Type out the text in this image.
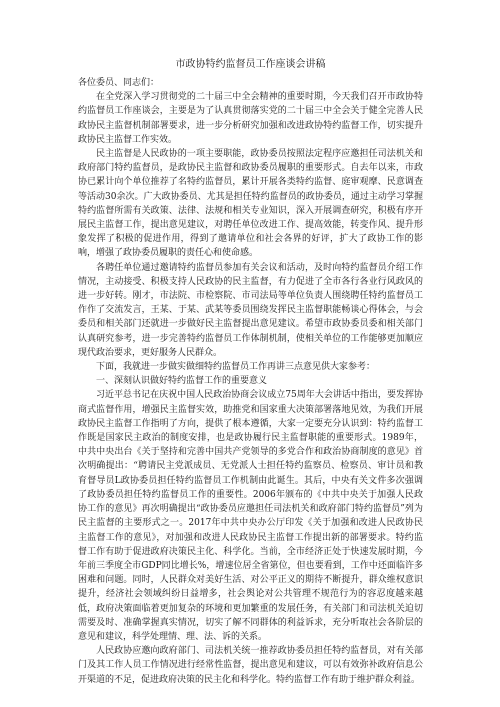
市政协特约监督员工作座谈会讲稿

各位委员、同志们：

在全党深入学习贯彻党的二十届三中全会精神的重要时期，今天我们召开市政协特约监督员工作座谈会，主要是为了认真贯彻落实党的二十届三中全会关于健全完善人民政协民主监督机制部署要求，进一步分析研究加强和改进政协特约监督工作，切实提升政协民主监督工作实效。

民主监督是人民政协的一项主要职能，政协委员按照法定程序应邀担任司法机关和政府部门特约监督员，是政协民主监督和政协委员履职的重要形式。自去年以来，市政协已累计向个单位推荐了名特约监督员，累计开展各类特约监督、庭审观摩、民意调查等活动30余次。广大政协委员、尤其是担任特约监督员的政协委员，通过主动学习掌握特约监督所需有关政策、法律、法规和相关专业知识，深入开展调查研究，积极有序开展民主监督工作，提出意见建议，对聘任单位改进工作、提高效能，转变作风、提升形象发挥了积极的促进作用，得到了邀请单位和社会各界的好评，扩大了政协工作的影响，增强了政协委员履职的责任心和使命感。

各聘任单位通过邀请特约监督员参加有关会议和活动，及时向特约监督员介绍工作情况，主动接受、积极支持人民政协的民主监督，有力促进了全市各行各业行风政风的进一步好转。刚才，市法院、市检察院、市司法局等单位负责人围绕聘任特约监督员工作作了交流发言，王某、于某、武某等委员围绕发挥民主监督职能畅谈心得体会，与会委员和相关部门还就进一步做好民主监督提出意见建议。希望市政协委员委和相关部门认真研究参考，进一步完善特约监督员工作体制机制，使相关单位的工作能够更加顺应现代政治要求，更好服务人民群众。

下面，我就进一步做实做细特约监督员工作再讲三点意见供大家参考：

一、深刻认识做好特约监督工作的重要意义

习近平总书记在庆祝中国人民政治协商会议成立75周年大会讲话中指出，要发挥协商式监督作用，增强民主监督实效，助推党和国家重大决策部署落地见效，为我们开展政协民主监督工作指明了方向，提供了根本遵循，大家一定要充分认识到：特约监督工作既是国家民主政治的制度安排，也是政协履行民主监督职能的重要形式。1989年，中共中央出台《关于坚持和完善中国共产党领导的多党合作和政治协商制度的意见》首次明确提出：“聘请民主党派成员、无党派人士担任特约监察员、检察员、审计员和教育督导员L政协委员担任特约监督员工作机制由此诞生。其后，中央有关文件多次强调了政协委员担任特约监督员工作的重要性。2006年颁布的《中共中央关于加强人民政协工作的意见》再次明确提出“政协委员应邀担任司法机关和政府部门特约监督员”列为民主监督的主要形式之一。2017年中共中央办公厅印发《关于加强和改进人民政协民主监督工作的意见》，对加强和改进人民政协民主监督工作提出新的部署要求。特约监督工作有助于促进政府决策民主化、科学化。当前，全市经济正处于快速发展时期，今年前三季度全市GDP同比增长%，增速位居全省第位，但也要看到，工作中还面临许多困难和问题。同时，人民群众对美好生活、对公平正义的期待不断提升，群众维权意识提升，经济社会领域纠纷日益增多，社会舆论对公共管理不规范行为的容忍度越来越低，政府决策面临着更加复杂的环境和更加繁重的发展任务，有关部门和司法机关迫切需要及时、准确掌握真实情况，切实了解不同群体的利益诉求，充分听取社会各阶层的意见和建议，科学处理情、理、法、诉的关系。

人民政协应邀向政府部门、司法机关统一推荐政协委员担任特约监督员，对有关部门及其工作人员工作情况进行经常性监督，提出意见和建议，可以有效弥补政府信息公开渠道的不足，促进政府决策的民主化和科学化。特约监督工作有助于维护群众利益。
